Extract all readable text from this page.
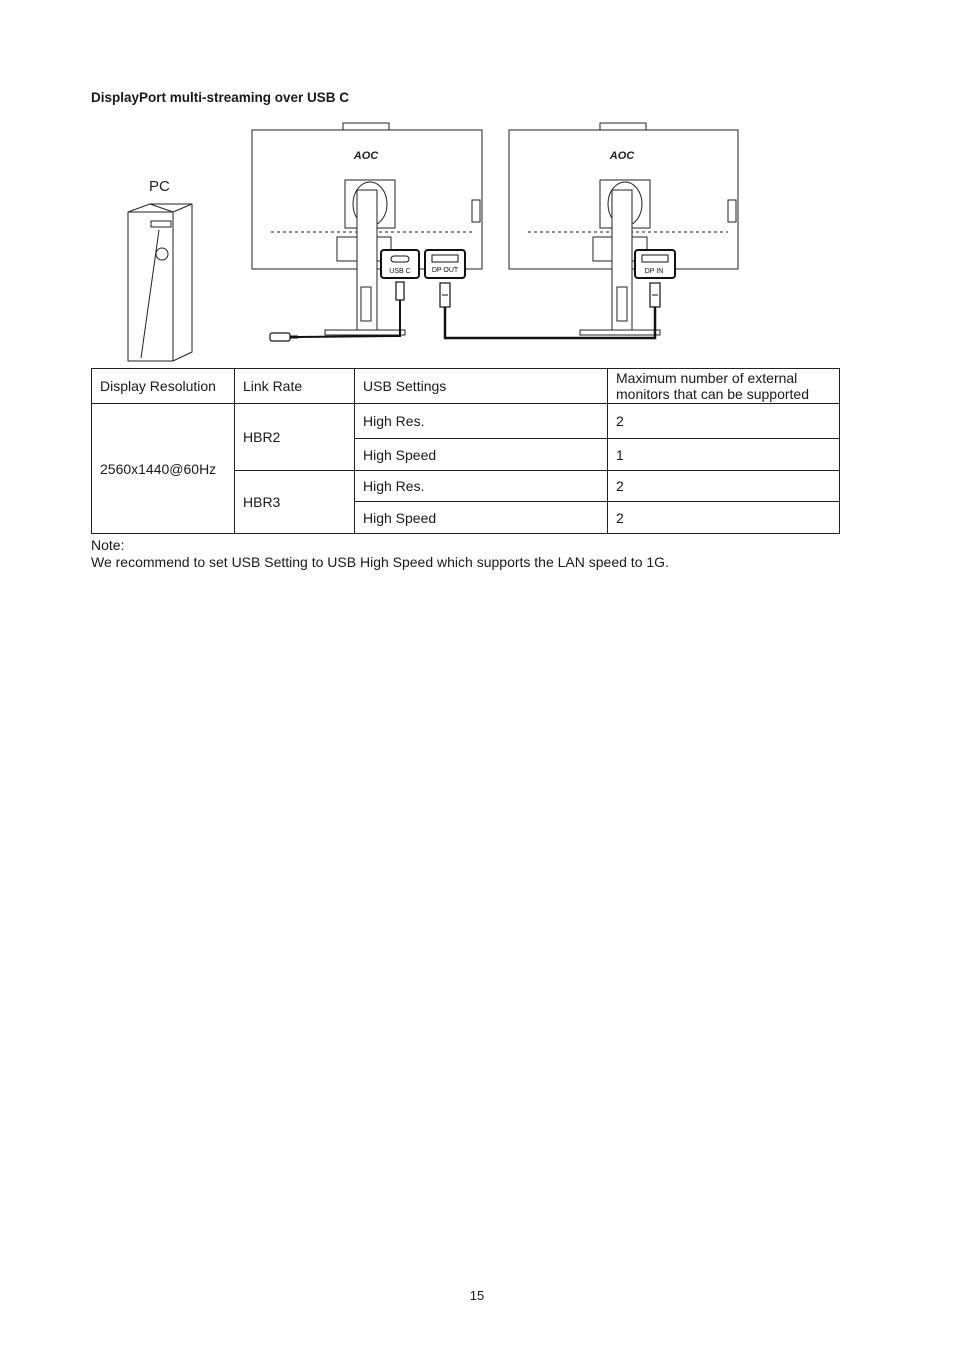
DisplayPort multi-streaming over USB C
PC
AOC	AOC
USB C	DP OUT	DP IN
Display Resolution	Link Rate	USB Settings	Maximum number of external monitors that can be supported
2560x1440@60Hz	HBR2	High Res.	2
		High Speed	1
	HBR3	High Res.	2
		High Speed	2
Note:
We recommend to set USB Setting to USB High Speed which supports the LAN speed to 1G.
15
